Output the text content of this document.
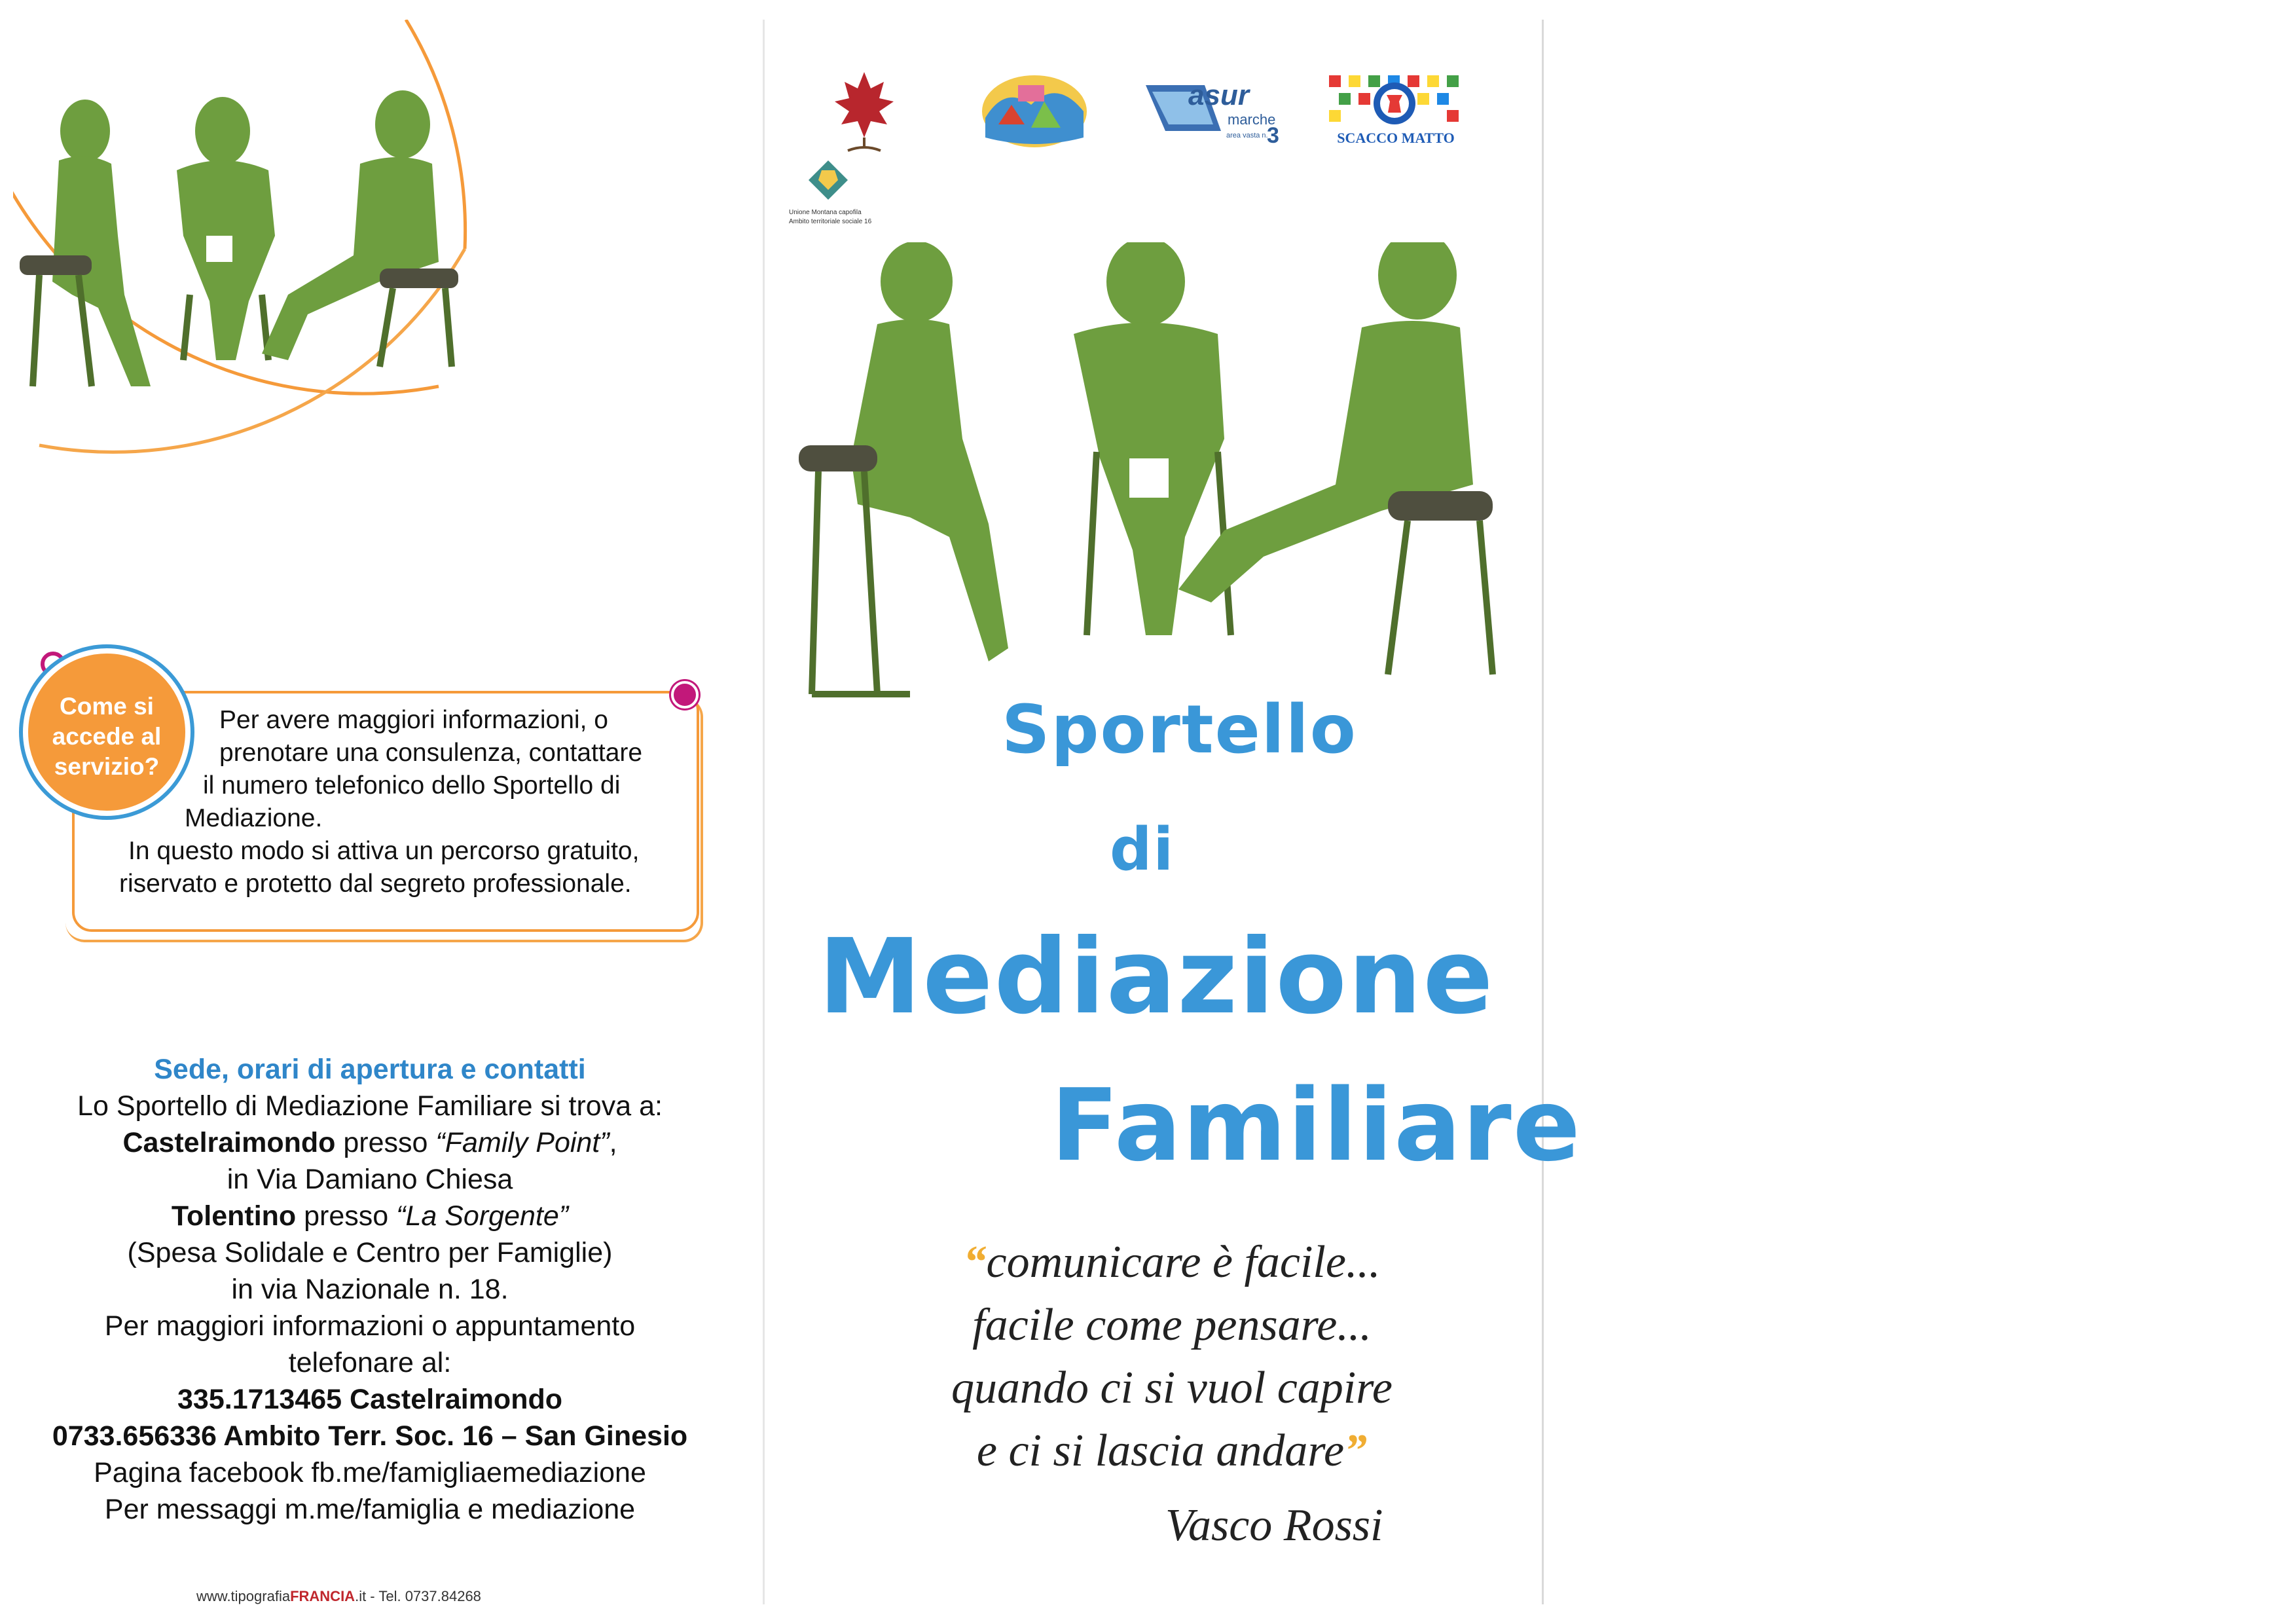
Come si
accede al
servizio?
Per avere maggiori informazioni, o
prenotare una consulenza, contattare
il numero telefonico dello Sportello di
Mediazione.
In questo modo si attiva un percorso gratuito,
riservato e protetto dal segreto professionale.
Sede, orari di apertura e contatti
Lo Sportello di Mediazione Familiare si trova a:
Castelraimondo presso “Family Point”,
in Via Damiano Chiesa
Tolentino presso “La Sorgente”
(Spesa Solidale e Centro per Famiglie)
in via Nazionale n. 18.
Per maggiori informazioni o appuntamento
telefonare al:
335.1713465 Castelraimondo
0733.656336 Ambito Terr. Soc. 16 – San Ginesio
Pagina facebook fb.me/famigliaemediazione
Per messaggi m.me/famiglia e mediazione
www.tipografiaFRANCIA.it - Tel. 0737.84268
asur
marche
3
area vasta n.	SCACCO MATTO
Unione Montana capofila
Ambito territoriale sociale 16
Sportello
di
Mediazione
Familiare
“comunicare è facile...
facile come pensare...
quando ci si vuol capire
e ci si lascia andare”
Vasco Rossi
